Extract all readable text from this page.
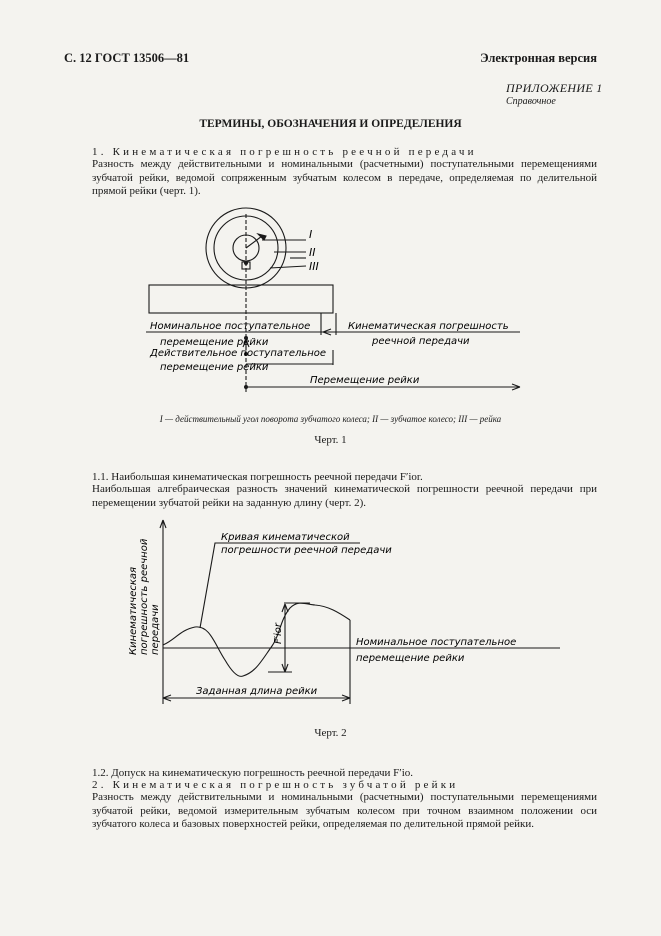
С. 12 ГОСТ 13506—81	Электронная версия
ПРИЛОЖЕНИЕ 1
Справочное
ТЕРМИНЫ, ОБОЗНАЧЕНИЯ И ОПРЕДЕЛЕНИЯ
1. Кинематическая погрешность реечной передачи
Разность между действительными и номинальными (расчетными) поступательными перемещениями зубчатой рейки, ведомой сопряженным зубчатым колесом в передаче, определяемая по делительной прямой рейки (черт. 1).
I
II
III
Номинальное поступательное
перемещение рейки
Действительное поступательное
перемещение рейки
Кинематическая погрешность
реечной передачи
Перемещение рейки
I — действительный угол поворота зубчатого колеса; II — зубчатое колесо; III — рейка
Черт. 1
1.1. Наибольшая кинематическая погрешность реечной передачи F′ior.
Наибольшая алгебраическая разность значений кинематической погрешности реечной передачи при перемещении зубчатой рейки на заданную длину (черт. 2).
Кривая кинематической
погрешности реечной передачи
Кинематическая погрешность реечной передачи	F′ior	Номинальное поступательное
перемещение рейки
Заданная длина рейки
Черт. 2
1.2. Допуск на кинематическую погрешность реечной передачи F′io.
2. Кинематическая погрешность зубчатой рейки
Разность между действительными и номинальными (расчетными) поступательными перемещениями зубчатой рейки, ведомой измерительным зубчатым колесом при точном взаимном положении оси зубчатого колеса и базовых поверхностей рейки, определяемая по делительной прямой рейки.
